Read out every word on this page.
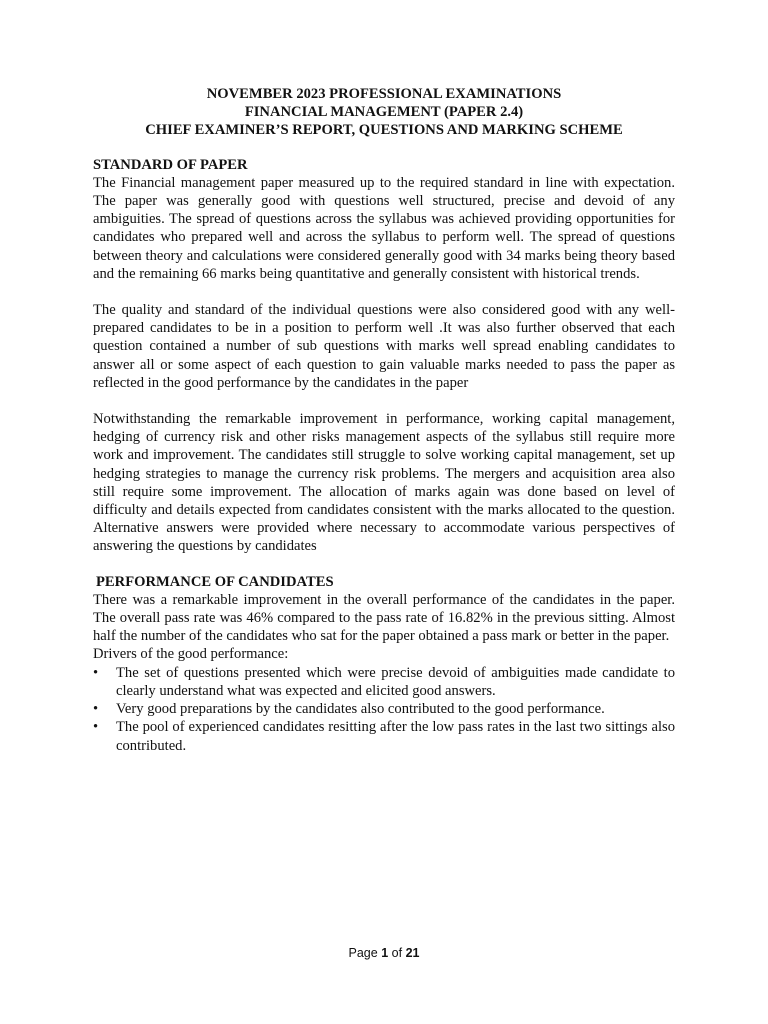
NOVEMBER 2023 PROFESSIONAL EXAMINATIONS
FINANCIAL MANAGEMENT (PAPER 2.4)
CHIEF EXAMINER’S REPORT, QUESTIONS AND MARKING SCHEME
STANDARD OF PAPER

The Financial management paper measured up to the required standard in line with expectation. The paper was generally good with questions well structured, precise and devoid of any ambiguities. The spread of questions across the syllabus was achieved providing opportunities for candidates who prepared well and across the syllabus to perform well. The spread of questions between theory and calculations were considered generally good with 34 marks being theory based and the remaining 66 marks being quantitative and generally consistent with historical trends.

The quality and standard of the individual questions were also considered good with any well-prepared candidates to be in a position to perform well .It was also further observed that each question contained a number of sub questions with marks well spread enabling candidates to answer all or some aspect of each question to gain valuable marks needed to pass the paper as reflected in the good performance by the candidates in the paper

Notwithstanding the remarkable improvement in performance, working capital management, hedging of currency risk and other risks management aspects of the syllabus still require more work and improvement. The candidates still struggle to solve working capital management, set up hedging strategies to manage the currency risk problems. The mergers and acquisition area also still require some improvement. The allocation of marks again was done based on level of difficulty and details expected from candidates consistent with the marks allocated to the question. Alternative answers were provided where necessary to accommodate various perspectives of answering the questions by candidates

PERFORMANCE OF CANDIDATES

There was a remarkable improvement in the overall performance of the candidates in the paper. The overall pass rate was 46% compared to the pass rate of 16.82% in the previous sitting. Almost half the number of the candidates who sat for the paper obtained a pass mark or better in the paper.

Drivers of the good performance:
• The set of questions presented which were precise devoid of ambiguities made candidate to clearly understand what was expected and elicited good answers.
• Very good preparations by the candidates also contributed to the good performance.
• The pool of experienced candidates resitting after the low pass rates in the last two sittings also contributed.
Page 1 of 21
